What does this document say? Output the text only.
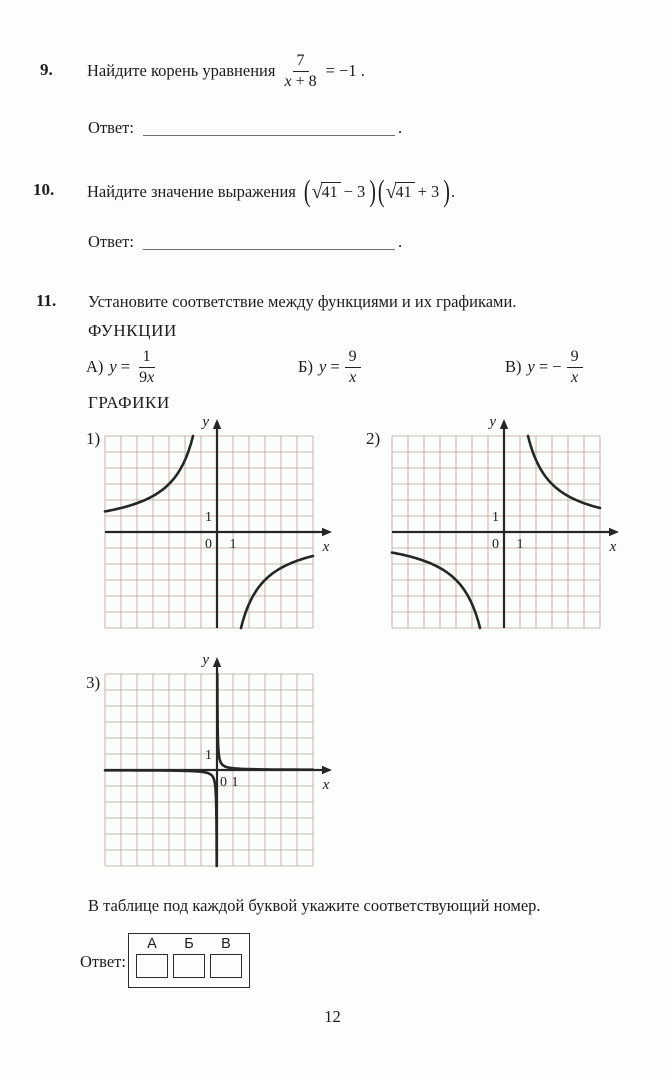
9. Найдите корень уравнения $\frac{7}{x + 8} = -1$ .
Ответ:	.
10. Найдите значение выражения ( √ 41 − 3 ) ( √ 41 + 3 ) .
Ответ:	.
11. Установите соответствие между функциями и их графиками.
ФУНКЦИИ
А) $y = \frac{1}{9x}$	Б) $y = \frac{9}{x}$	В) y = − $\frac{9}{x}$
ГРАФИКИ
1)
y
x
1
0 1
2)
y
x
1
0 1
3)
y
x
1
0 1
В таблице под каждой буквой укажите соответствующий номер.
Ответ:
А Б В
12
